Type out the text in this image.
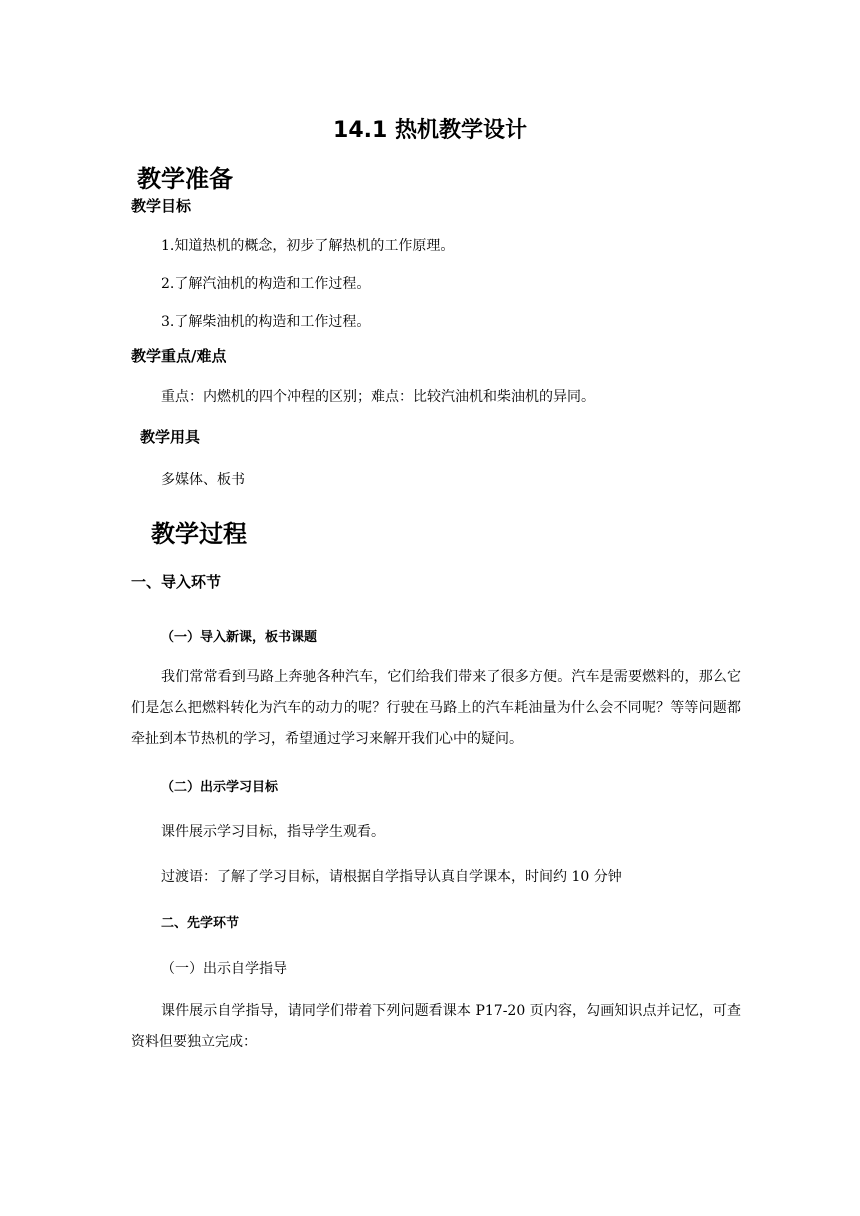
14.1 热机教学设计
教学准备
教学目标
1.知道热机的概念，初步了解热机的工作原理。
2.了解汽油机的构造和工作过程。
3.了解柴油机的构造和工作过程。
教学重点/难点
重点：内燃机的四个冲程的区别；难点：比较汽油机和柴油机的异同。
教学用具
多媒体、板书
教学过程
一、导入环节
（一）导入新课，板书课题
我们常常看到马路上奔驰各种汽车，它们给我们带来了很多方便。汽车是需要燃料的，那么它们是怎么把燃料转化为汽车的动力的呢？行驶在马路上的汽车耗油量为什么会不同呢？等等问题都牵扯到本节热机的学习，希望通过学习来解开我们心中的疑问。
（二）出示学习目标
课件展示学习目标，指导学生观看。
过渡语：了解了学习目标，请根据自学指导认真自学课本，时间约 10 分钟
二、先学环节
（一）出示自学指导
课件展示自学指导，请同学们带着下列问题看课本 P17-20 页内容，勾画知识点并记忆，可查资料但要独立完成：
